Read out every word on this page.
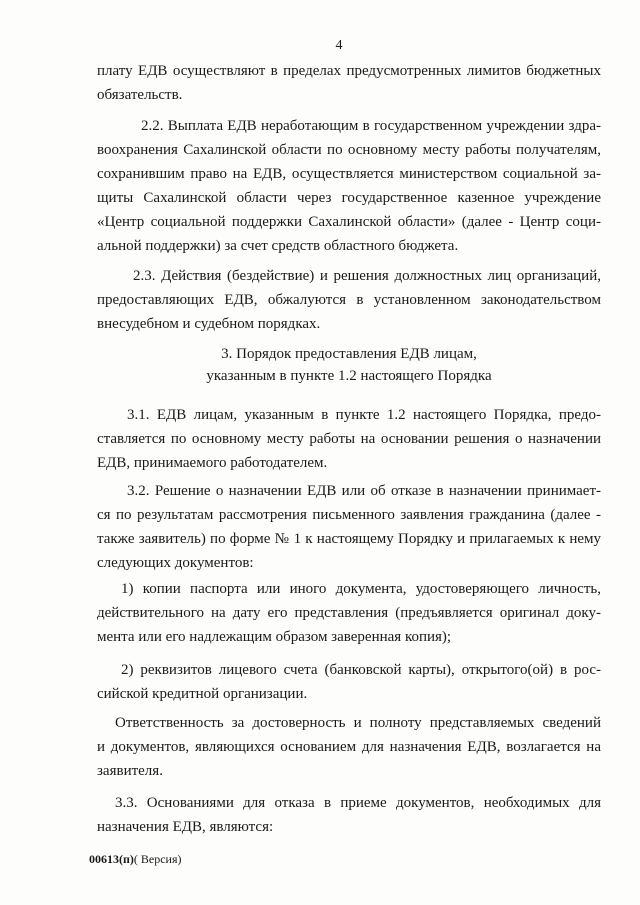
4

плату ЕДВ осуществляют в пределах предусмотренных лимитов бюджетных

обязательств.

2.2. Выплата ЕДВ неработающим в государственном учреждении здра-

воохранения Сахалинской области по основному месту работы получателям,

сохранившим право на ЕДВ, осуществляется министерством социальной за-

щиты Сахалинской области через государственное казенное учреждение

«Центр социальной поддержки Сахалинской области» (далее - Центр соци-

альной поддержки) за счет средств областного бюджета.

2.3. Действия (бездействие) и решения должностных лиц организаций,

предоставляющих ЕДВ, обжалуются в установленном законодательством

внесудебном и судебном порядках.

3. Порядок предоставления ЕДВ лицам,

указанным в пункте 1.2 настоящего Порядка

3.1. ЕДВ лицам, указанным в пункте 1.2 настоящего Порядка, предо-

ставляется по основному месту работы на основании решения о назначении

ЕДВ, принимаемого работодателем.

3.2. Решение о назначении ЕДВ или об отказе в назначении принимает-

ся по результатам рассмотрения письменного заявления гражданина (далее -

также заявитель) по форме № 1 к настоящему Порядку и прилагаемых к нему

следующих документов:

1) копии паспорта или иного документа, удостоверяющего личность,

действительного на дату его представления (предъявляется оригинал доку-

мента или его надлежащим образом заверенная копия);

2) реквизитов лицевого счета (банковской карты), открытого(ой) в рос-

сийской кредитной организации.

Ответственность за достоверность и полноту представляемых сведений

и документов, являющихся основанием для назначения ЕДВ, возлагается на

заявителя.

3.3. Основаниями для отказа в приеме документов, необходимых для

назначения ЕДВ, являются:

00613(п)( Версия)
